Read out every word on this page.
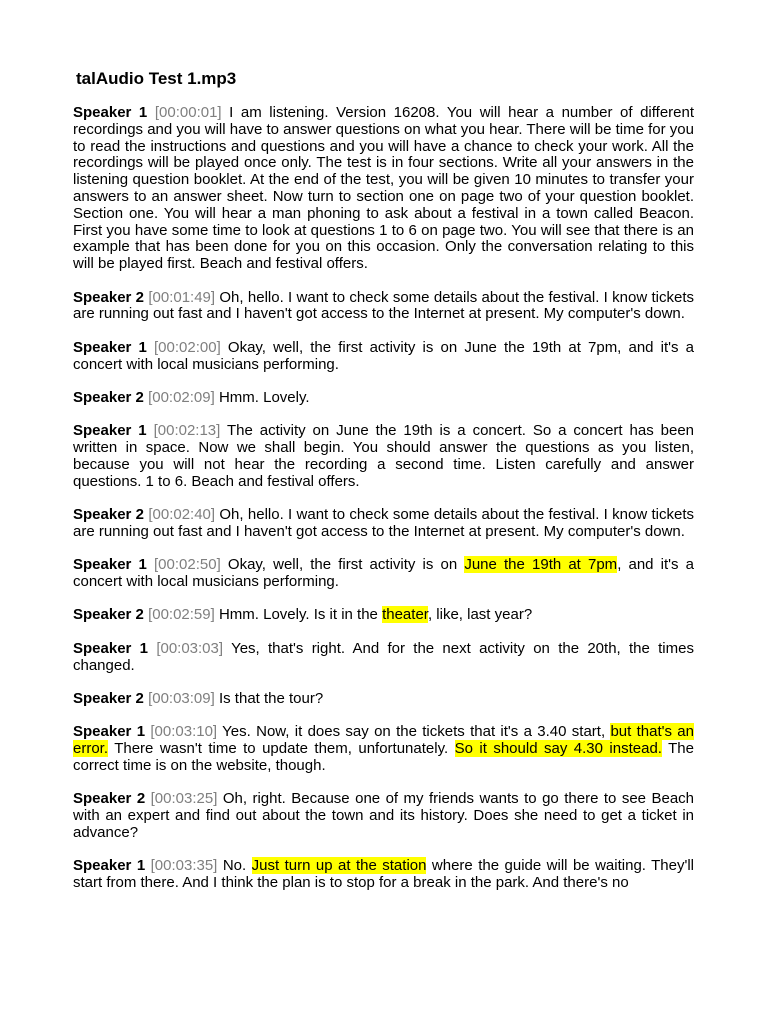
talAudio Test 1.mp3

Speaker 1 [00:00:01] I am listening. Version 16208. You will hear a number of different recordings and you will have to answer questions on what you hear. There will be time for you to read the instructions and questions and you will have a chance to check your work. All the recordings will be played once only. The test is in four sections. Write all your answers in the listening question booklet. At the end of the test, you will be given 10 minutes to transfer your answers to an answer sheet. Now turn to section one on page two of your question booklet. Section one. You will hear a man phoning to ask about a festival in a town called Beacon. First you have some time to look at questions 1 to 6 on page two. You will see that there is an example that has been done for you on this occasion. Only the conversation relating to this will be played first. Beach and festival offers.

Speaker 2 [00:01:49] Oh, hello. I want to check some details about the festival. I know tickets are running out fast and I haven't got access to the Internet at present. My computer's down.

Speaker 1 [00:02:00] Okay, well, the first activity is on June the 19th at 7pm, and it's a concert with local musicians performing.

Speaker 2 [00:02:09] Hmm. Lovely.

Speaker 1 [00:02:13] The activity on June the 19th is a concert. So a concert has been written in space. Now we shall begin. You should answer the questions as you listen, because you will not hear the recording a second time. Listen carefully and answer questions. 1 to 6. Beach and festival offers.

Speaker 2 [00:02:40] Oh, hello. I want to check some details about the festival. I know tickets are running out fast and I haven't got access to the Internet at present. My computer's down.

Speaker 1 [00:02:50] Okay, well, the first activity is on June the 19th at 7pm, and it's a concert with local musicians performing.

Speaker 2 [00:02:59] Hmm. Lovely. Is it in the theater, like, last year?

Speaker 1 [00:03:03] Yes, that's right. And for the next activity on the 20th, the times changed.

Speaker 2 [00:03:09] Is that the tour?

Speaker 1 [00:03:10] Yes. Now, it does say on the tickets that it's a 3.40 start, but that's an error. There wasn't time to update them, unfortunately. So it should say 4.30 instead. The correct time is on the website, though.

Speaker 2 [00:03:25] Oh, right. Because one of my friends wants to go there to see Beach with an expert and find out about the town and its history. Does she need to get a ticket in advance?

Speaker 1 [00:03:35] No. Just turn up at the station where the guide will be waiting. They'll start from there. And I think the plan is to stop for a break in the park. And there's no
